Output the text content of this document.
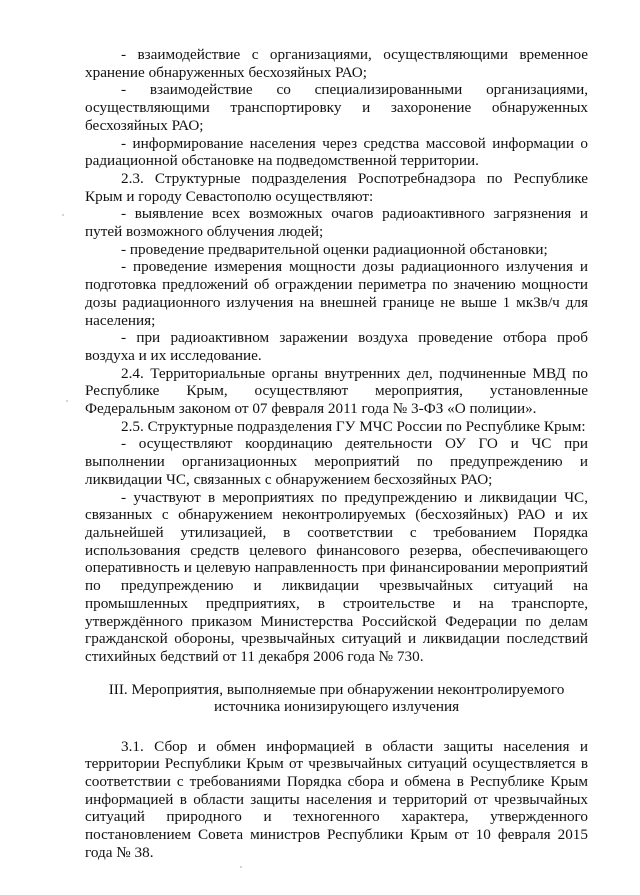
- взаимодействие с организациями, осуществляющими временное хранение обнаруженных бесхозяйных РАО;

- взаимодействие со специализированными организациями, осуществляющими транспортировку и захоронение обнаруженных бесхозяйных РАО;

- информирование населения через средства массовой информации о радиационной обстановке на подведомственной территории.

2.3. Структурные подразделения Роспотребнадзора по Республике Крым и городу Севастополю осуществляют:

- выявление всех возможных очагов радиоактивного загрязнения и путей возможного облучения людей;

- проведение предварительной оценки радиационной обстановки;

- проведение измерения мощности дозы радиационного излучения и подготовка предложений об ограждении периметра по значению мощности дозы радиационного излучения на внешней границе не выше 1 мкЗв/ч для населения;

- при радиоактивном заражении воздуха проведение отбора проб воздуха и их исследование.

2.4. Территориальные органы внутренних дел, подчиненные МВД по Республике Крым, осуществляют мероприятия, установленные Федеральным законом от 07 февраля 2011 года № 3-ФЗ «О полиции».

2.5. Структурные подразделения ГУ МЧС России по Республике Крым:

- осуществляют координацию деятельности ОУ ГО и ЧС при выполнении организационных мероприятий по предупреждению и ликвидации ЧС, связанных с обнаружением бесхозяйных РАО;

- участвуют в мероприятиях по предупреждению и ликвидации ЧС, связанных с обнаружением неконтролируемых (бесхозяйных) РАО и их дальнейшей утилизацией, в соответствии с требованием Порядка использования средств целевого финансового резерва, обеспечивающего оперативность и целевую направленность при финансировании мероприятий по предупреждению и ликвидации чрезвычайных ситуаций на промышленных предприятиях, в строительстве и на транспорте, утверждённого приказом Министерства Российской Федерации по делам гражданской обороны, чрезвычайных ситуаций и ликвидации последствий стихийных бедствий от 11 декабря 2006 года № 730.

III. Мероприятия, выполняемые при обнаружении неконтролируемого источника ионизирующего излучения

3.1. Сбор и обмен информацией в области защиты населения и территории Республики Крым от чрезвычайных ситуаций осуществляется в соответствии с требованиями Порядка сбора и обмена в Республике Крым информацией в области защиты населения и территорий от чрезвычайных ситуаций природного и техногенного характера, утвержденного постановлением Совета министров Республики Крым от 10 февраля 2015 года № 38.
